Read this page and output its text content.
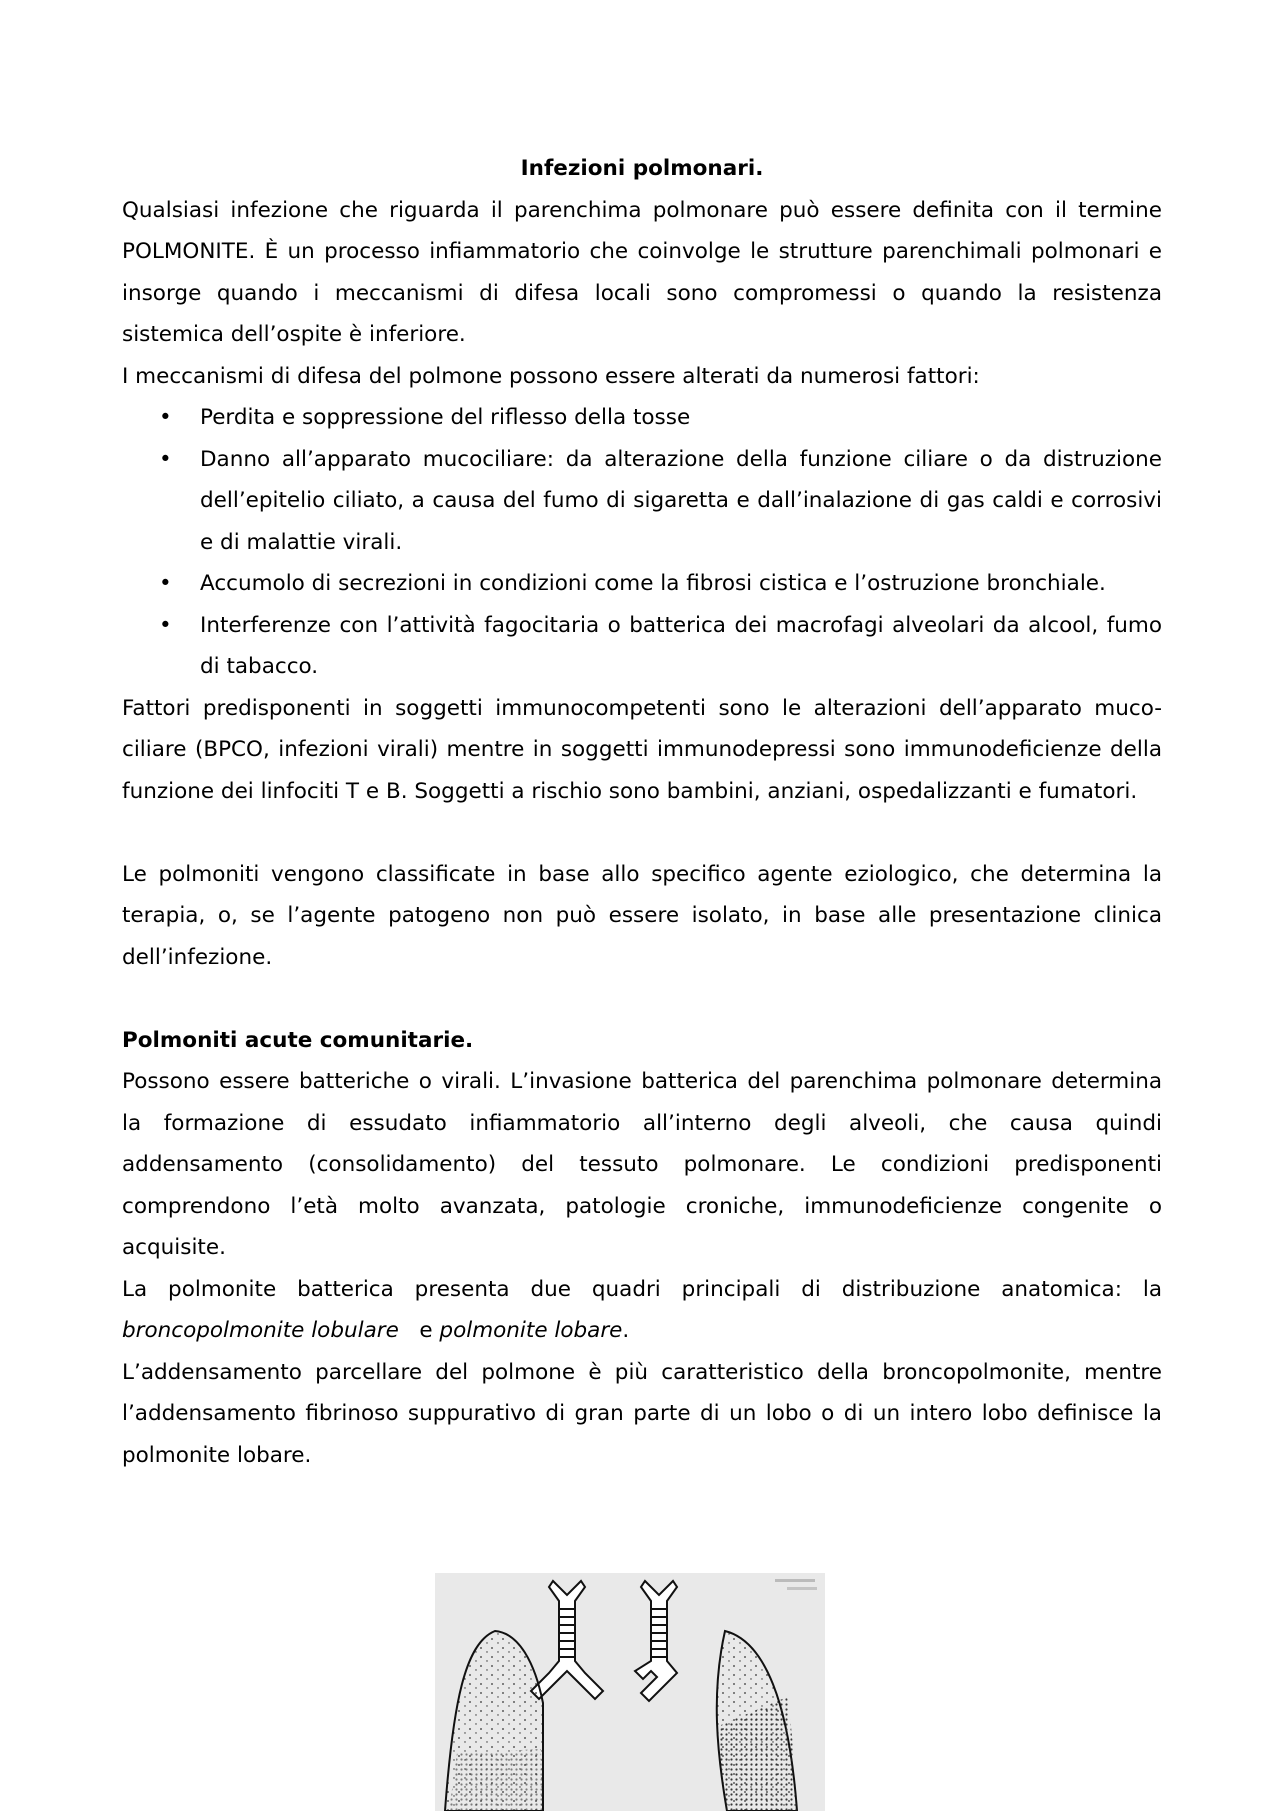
Infezioni polmonari.

Qualsiasi infezione che riguarda il parenchima polmonare può essere definita con il termine POLMONITE. È un processo infiammatorio che coinvolge le strutture parenchimali polmonari e insorge quando i meccanismi di difesa locali sono compromessi o quando la resistenza sistemica dell’ospite è inferiore.

I meccanismi di difesa del polmone possono essere alterati da numerosi fattori:

• Perdita e soppressione del riflesso della tosse
• Danno all’apparato mucociliare: da alterazione della funzione ciliare o da distruzione dell’epitelio ciliato, a causa del fumo di sigaretta e dall’inalazione di gas caldi e corrosivi e di malattie virali.
• Accumolo di secrezioni in condizioni come la fibrosi cistica e l’ostruzione bronchiale.
• Interferenze con l’attività fagocitaria o batterica dei macrofagi alveolari da alcool, fumo di tabacco.

Fattori predisponenti in soggetti immunocompetenti sono le alterazioni dell’apparato muco-ciliare (BPCO, infezioni virali) mentre in soggetti immunodepressi sono immunodeficienze della funzione dei linfociti T e B. Soggetti a rischio sono bambini, anziani, ospedalizzanti e fumatori.

Le polmoniti vengono classificate in base allo specifico agente eziologico, che determina la terapia, o, se l’agente patogeno non può essere isolato, in base alle presentazione clinica dell’infezione.

Polmoniti acute comunitarie.

Possono essere batteriche o virali. L’invasione batterica del parenchima polmonare determina la formazione di essudato infiammatorio all’interno degli alveoli, che causa quindi addensamento (consolidamento) del tessuto polmonare. Le condizioni predisponenti comprendono l’età molto avanzata, patologie croniche, immunodeficienze congenite o acquisite.

La polmonite batterica presenta due quadri principali di distribuzione anatomica: la broncopolmonite lobulare e polmonite lobare.

L’addensamento parcellare del polmone è più caratteristico della broncopolmonite, mentre l’addensamento fibrinoso suppurativo di gran parte di un lobo o di un intero lobo definisce la polmonite lobare.
